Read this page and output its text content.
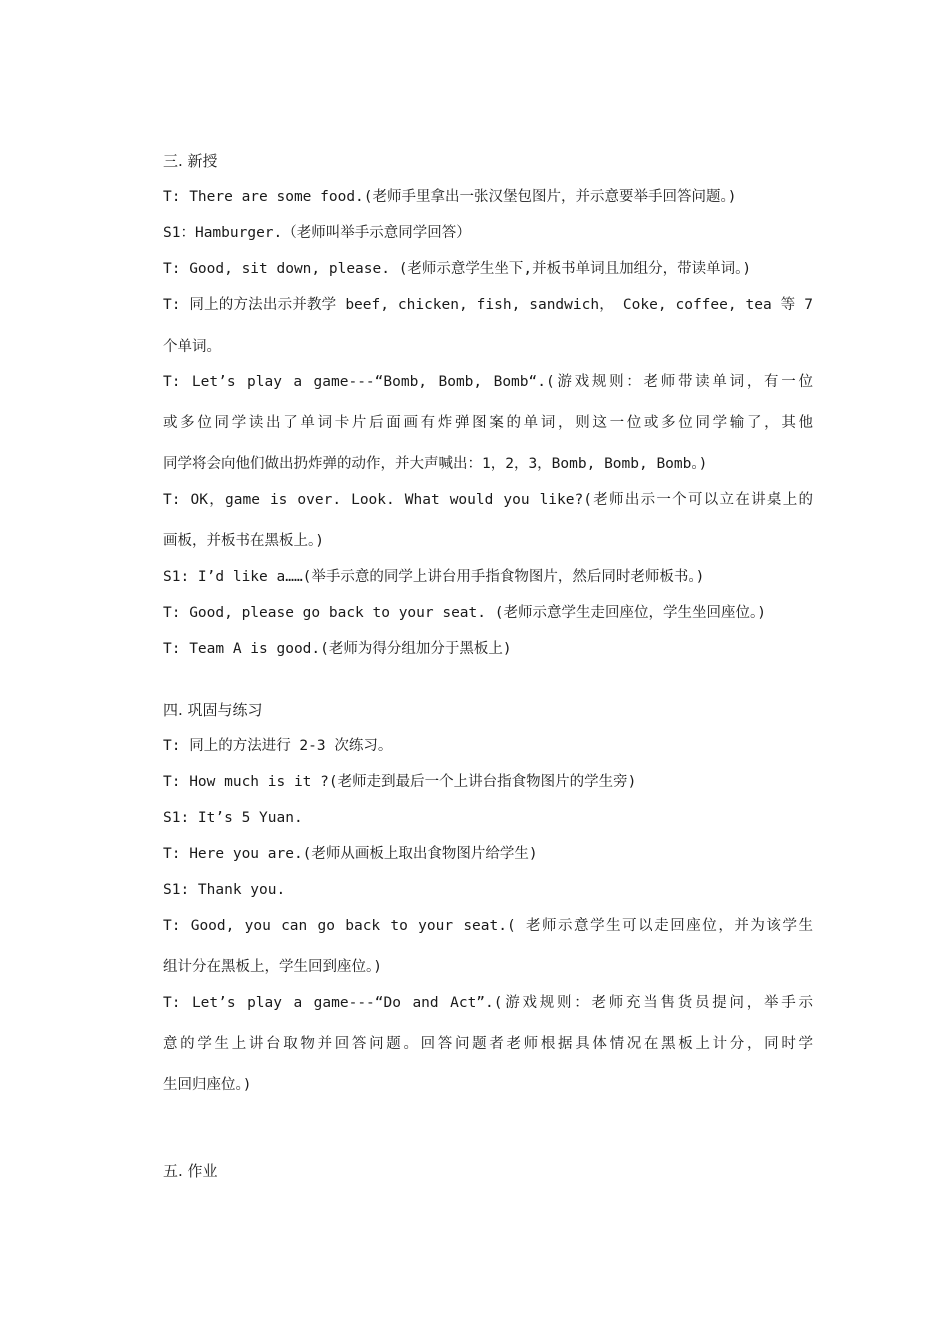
三. 新授
T: There are some food.(老师手里拿出一张汉堡包图片，并示意要举手回答问题。)
S1：Hamburger.（老师叫举手示意同学回答）
T: Good, sit down, please. (老师示意学生坐下,并板书单词且加组分，带读单词。)
T: 同上的方法出示并教学 beef, chicken, fish, sandwich， Coke, coffee, tea 等 7
个单词。
T: Let’s play a game---“Bomb, Bomb, Bomb“.(游戏规则：老师带读单词，有一位
或多位同学读出了单词卡片后面画有炸弹图案的单词，则这一位或多位同学输了，其他
同学将会向他们做出扔炸弹的动作，并大声喊出：1，2，3，Bomb, Bomb, Bomb。)
T: OK，game is over. Look. What would you like?(老师出示一个可以立在讲桌上的
画板，并板书在黑板上。)
S1: I’d like a……(举手示意的同学上讲台用手指食物图片，然后同时老师板书。)
T: Good, please go back to your seat. (老师示意学生走回座位，学生坐回座位。)
T: Team A is good.(老师为得分组加分于黑板上)
四. 巩固与练习
T: 同上的方法进行 2-3 次练习。
T: How much is it ?(老师走到最后一个上讲台指食物图片的学生旁)
S1: It’s 5 Yuan.
T: Here you are.(老师从画板上取出食物图片给学生)
S1: Thank you.
T: Good, you can go back to your seat.( 老师示意学生可以走回座位，并为该学生
组计分在黑板上，学生回到座位。)
T: Let’s play a game---“Do and Act”.(游戏规则：老师充当售货员提问，举手示
意的学生上讲台取物并回答问题。回答问题者老师根据具体情况在黑板上计分，同时学
生回归座位。)
五. 作业
